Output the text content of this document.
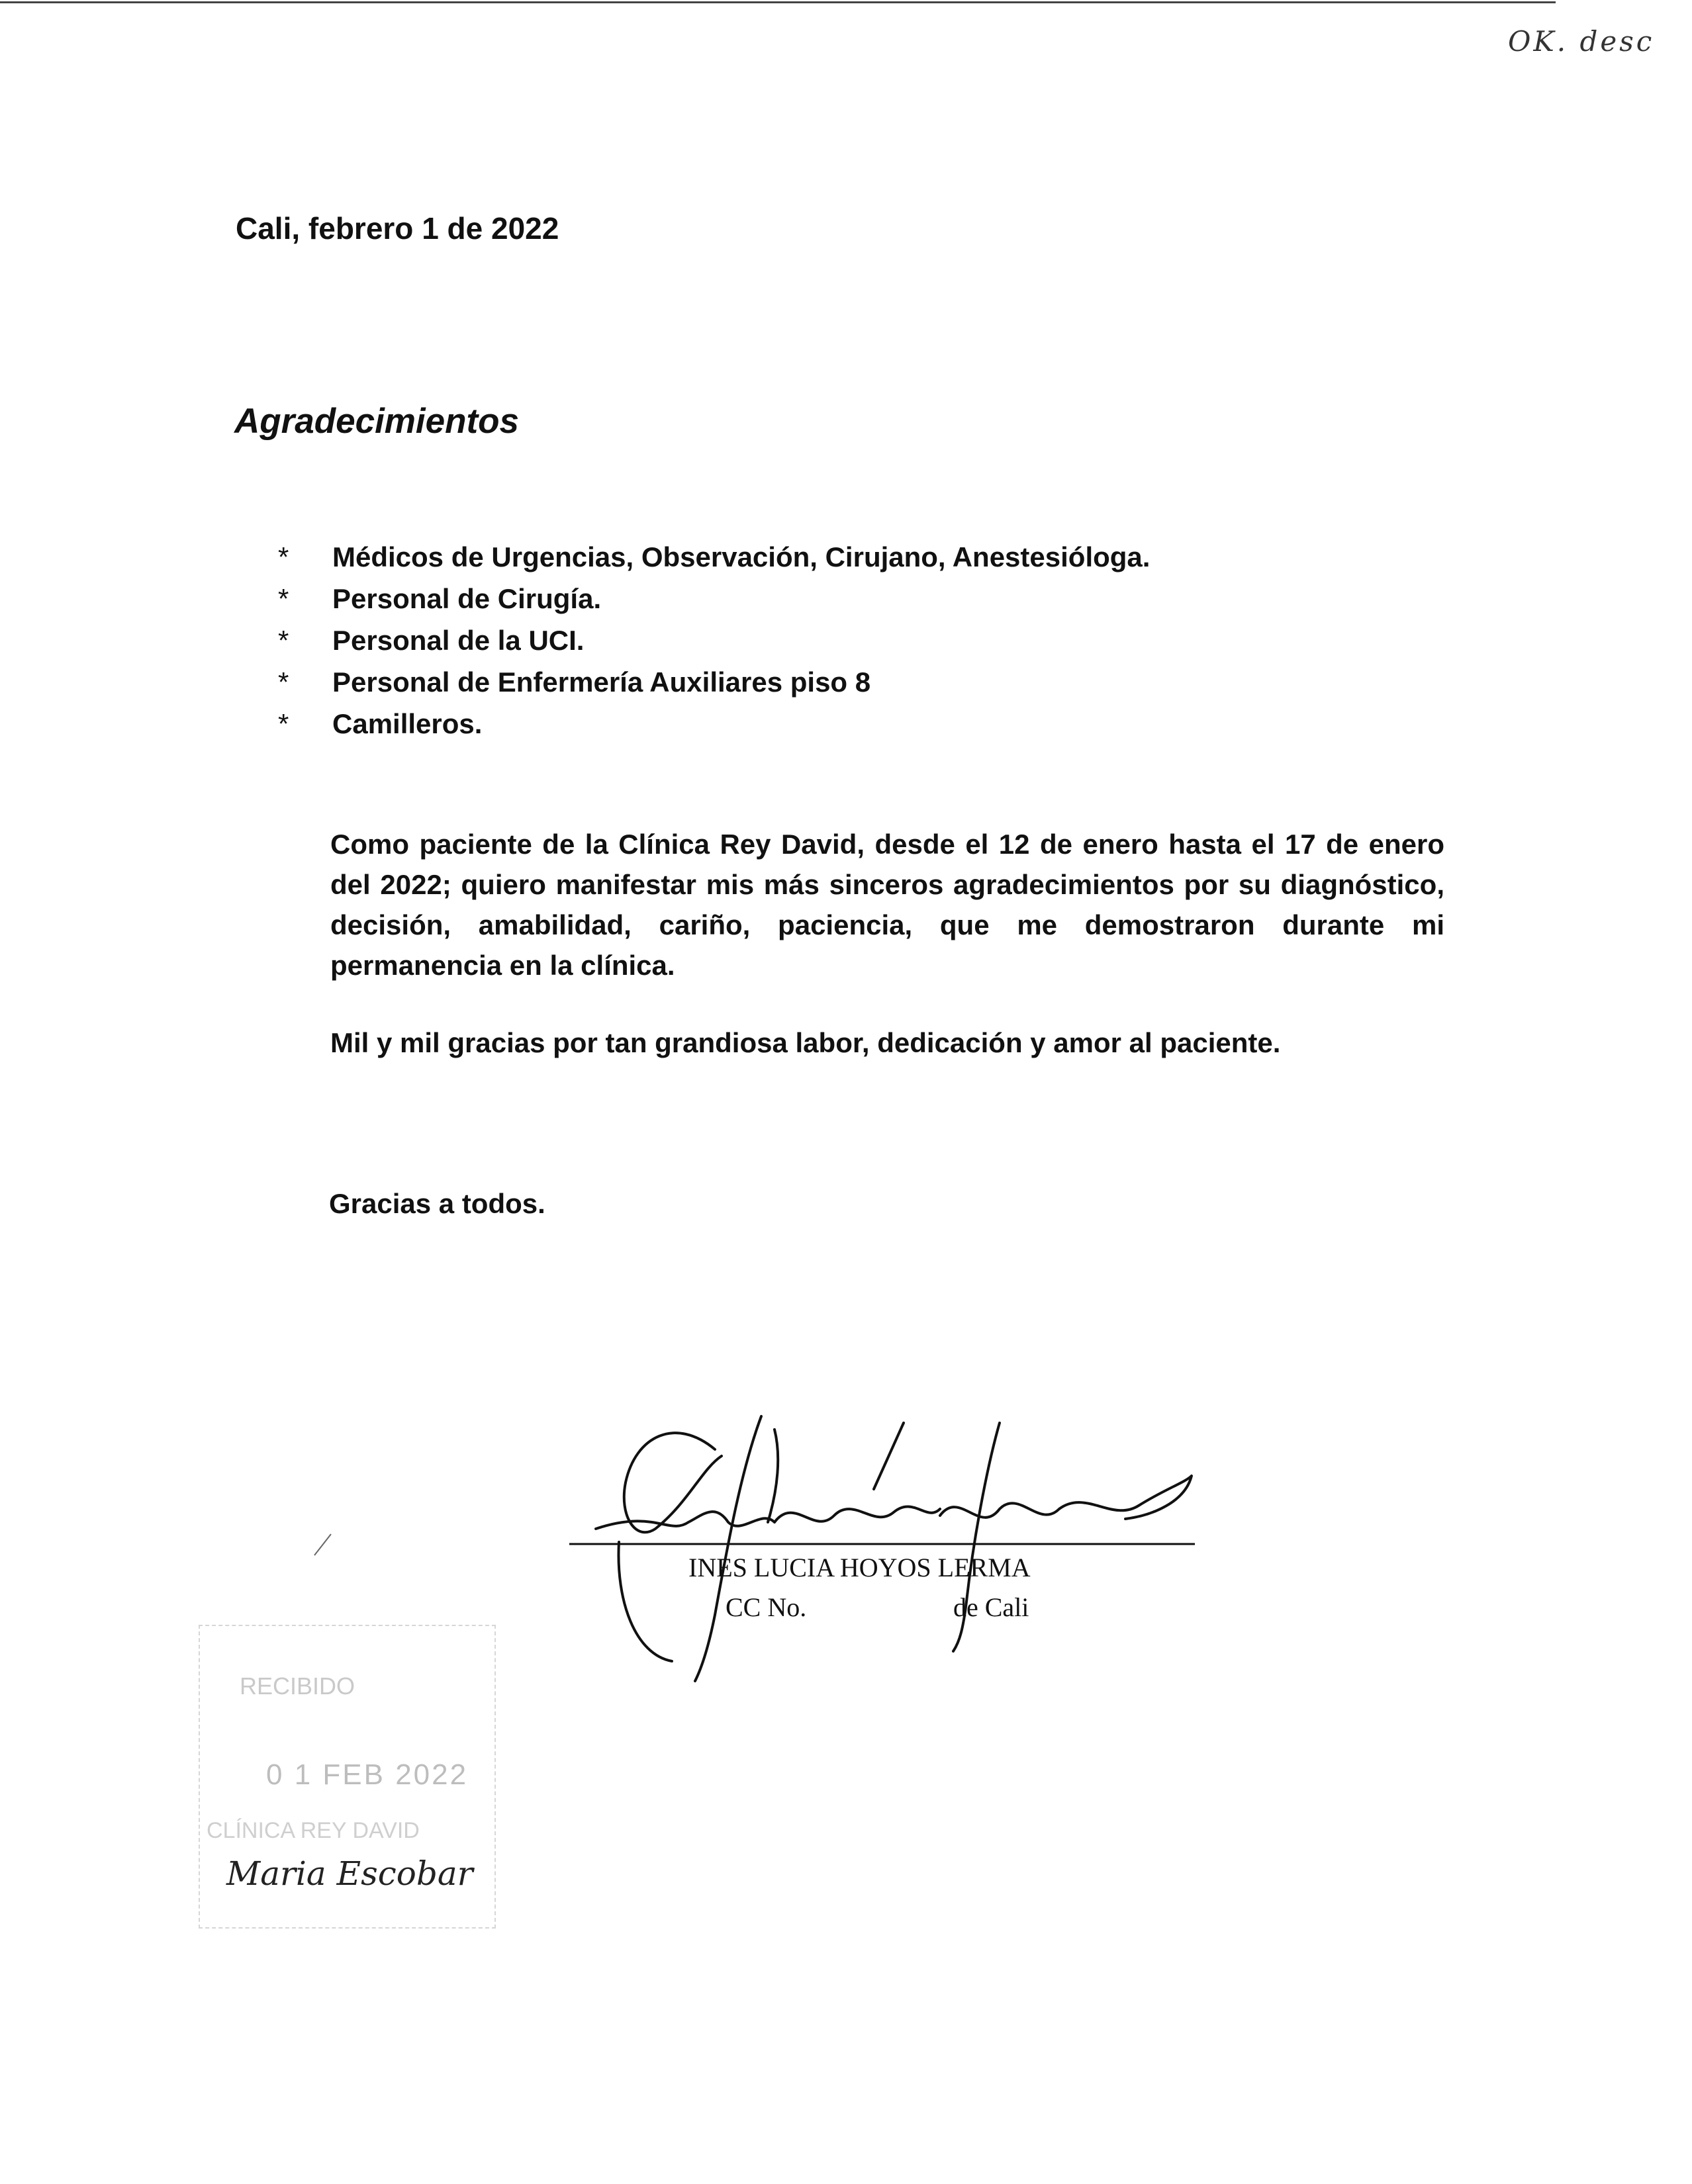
OK. desc
Cali, febrero 1 de 2022
Agradecimientos
* Médicos de Urgencias, Observación, Cirujano, Anestesióloga.
* Personal de Cirugía.
* Personal de la UCI.
* Personal de Enfermería Auxiliares piso 8
* Camilleros.

Como paciente de la Clínica Rey David, desde el 12 de enero hasta el 17 de enero del 2022; quiero manifestar mis más sinceros agradecimientos por su diagnóstico, decisión, amabilidad, cariño, paciencia, que me demostraron durante mi permanencia en la clínica.

Mil y mil gracias por tan grandiosa labor, dedicación y amor al paciente.
Gracias a todos.
INES LUCIA HOYOS LERMA
CC No.	de Cali
RECIBIDO
0 1 FEB 2022
CLÍNICA REY DAVID
Maria Escobar
